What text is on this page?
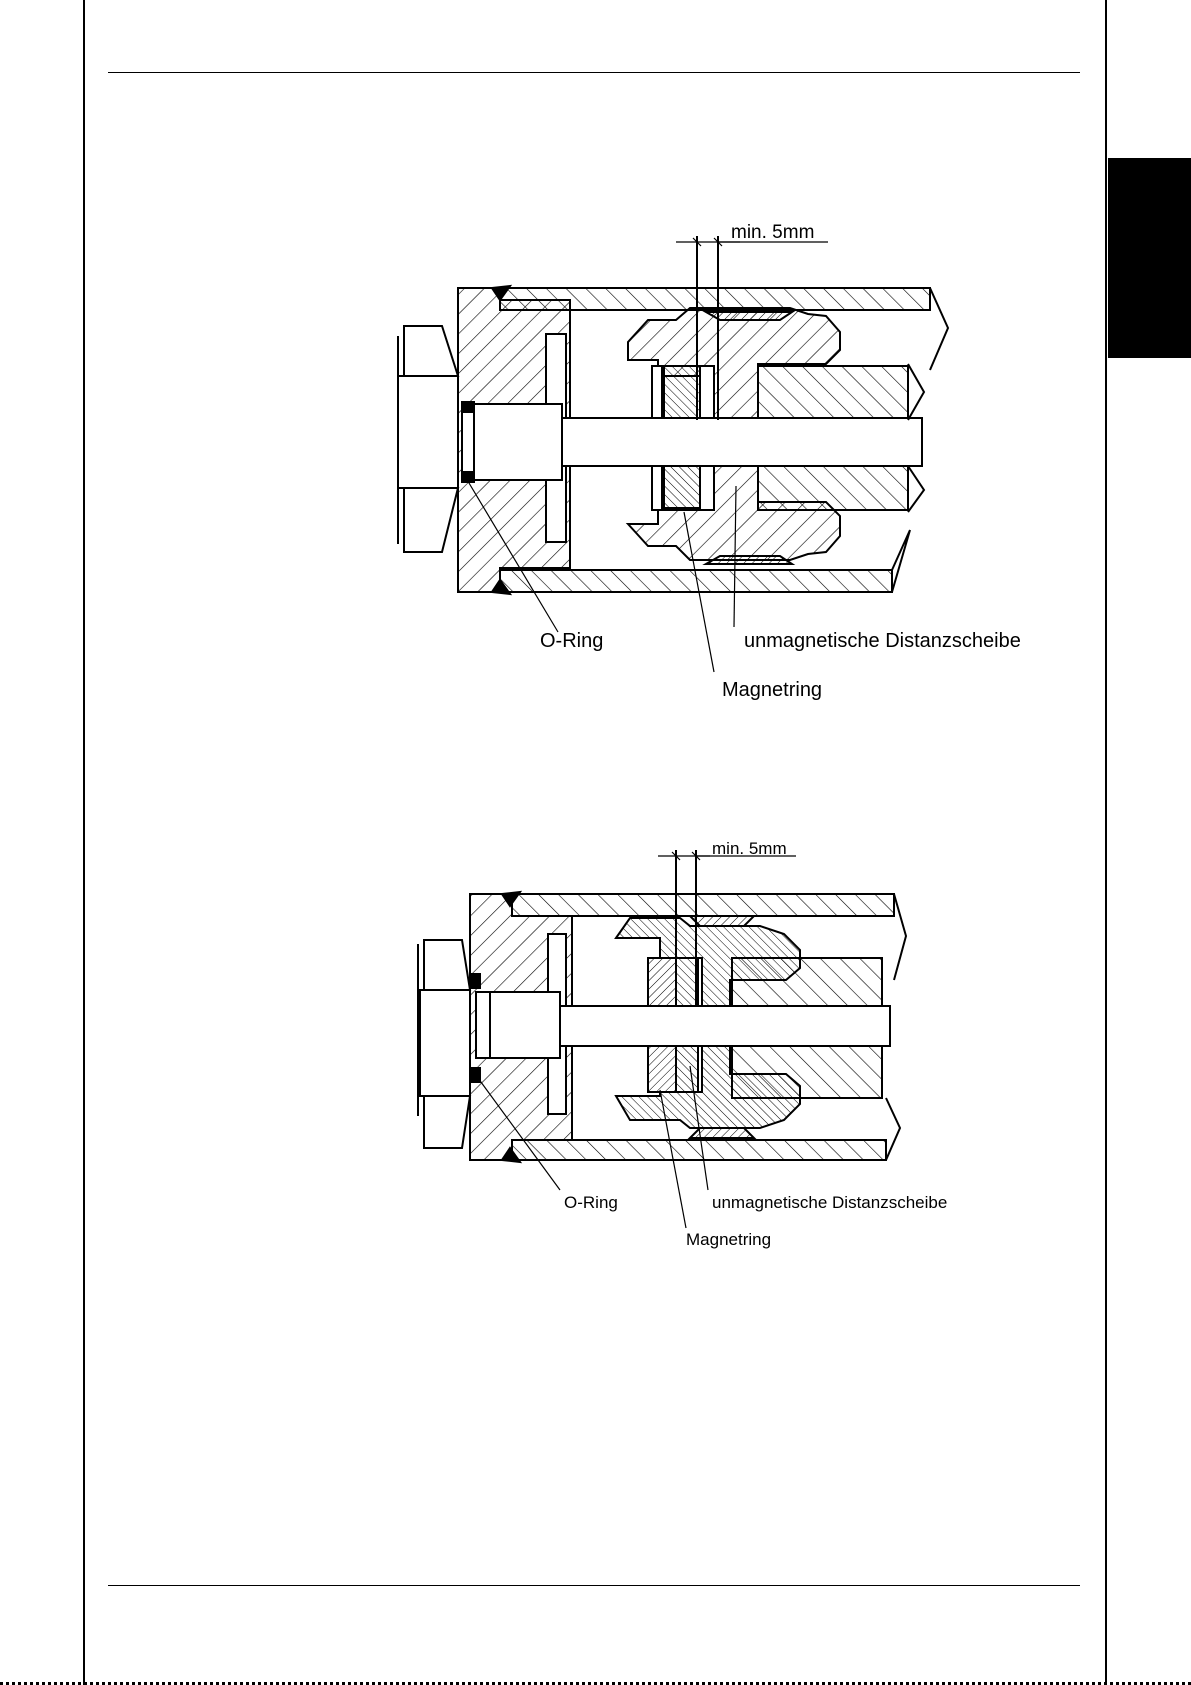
min. 5mm
O-Ring	unmagnetische Distanzscheibe
Magnetring
min. 5mm
O-Ring	unmagnetische Distanzscheibe
Magnetring
